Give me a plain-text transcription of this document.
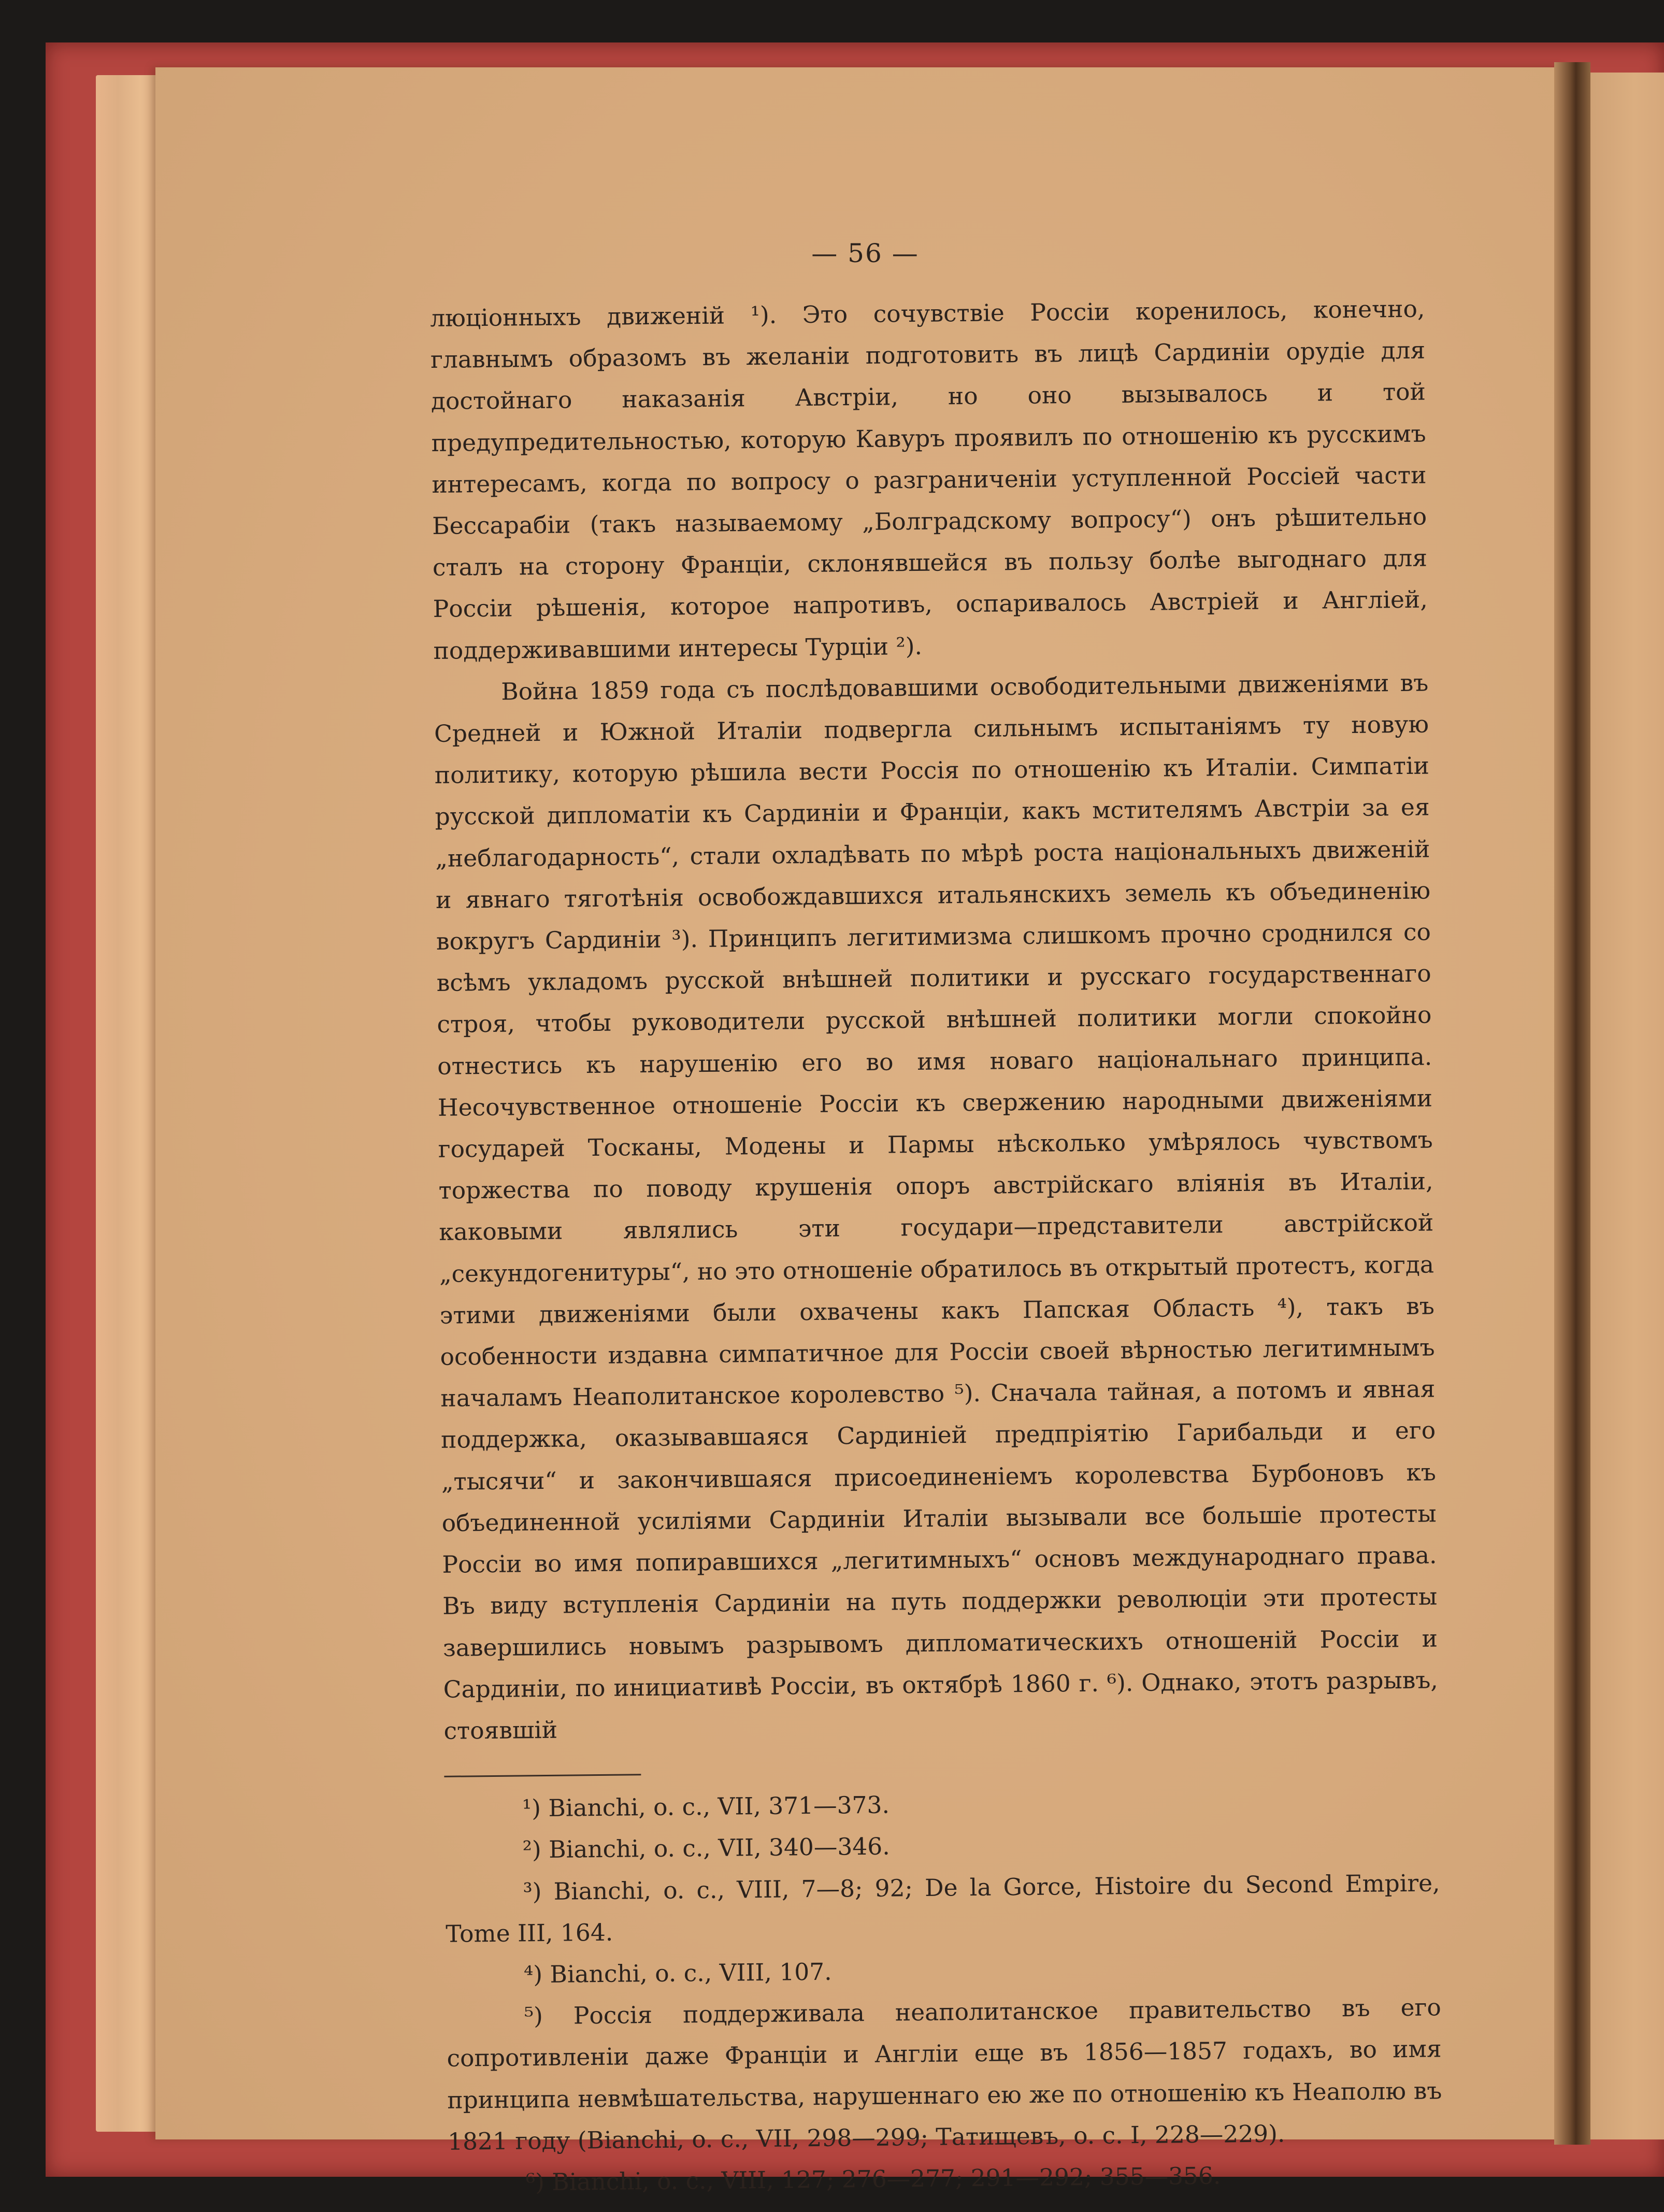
— 56 —

люціонныхъ движеній ¹). Это сочувствіе Россіи коренилось, конечно, главнымъ образомъ въ желаніи подготовить въ лицѣ Сардиніи орудіе для достойнаго наказанія Австріи, но оно вызывалось и той предупредительностью, которую Кавуръ проявилъ по отношенію къ русскимъ интересамъ, когда по вопросу о разграниченіи уступленной Россіей части Бессарабіи (такъ называемому „Болградскому вопросу“) онъ рѣшительно сталъ на сторону Франціи, склонявшейся въ пользу болѣе выгоднаго для Россіи рѣшенія, которое напротивъ, оспаривалось Австріей и Англіей, поддерживавшими интересы Турціи ²).

Война 1859 года съ послѣдовавшими освободительными движеніями въ Средней и Южной Италіи подвергла сильнымъ испытаніямъ ту новую политику, которую рѣшила вести Россія по отношенію къ Италіи. Симпатіи русской дипломатіи къ Сардиніи и Франціи, какъ мстителямъ Австріи за ея „неблагодарность“, стали охладѣвать по мѣрѣ роста національныхъ движеній и явнаго тяготѣнія освобождавшихся итальянскихъ земель къ объединенію вокругъ Сардиніи ³). Принципъ легитимизма слишкомъ прочно сроднился со всѣмъ укладомъ русской внѣшней политики и русскаго государственнаго строя, чтобы руководители русской внѣшней политики могли спокойно отнестись къ нарушенію его во имя новаго національнаго принципа. Несочувственное отношеніе Россіи къ свержению народными движеніями государей Тосканы, Модены и Пармы нѣсколько умѣрялось чувствомъ торжества по поводу крушенія опоръ австрійскаго вліянія въ Италіи, каковыми являлись эти государи—представители австрійской „секундогенитуры“, но это отношеніе обратилось въ открытый протестъ, когда этими движеніями были охвачены какъ Папская Область ⁴), такъ въ особенности издавна симпатичное для Россіи своей вѣрностью легитимнымъ началамъ Неаполитанское королевство ⁵). Сначала тайная, а потомъ и явная поддержка, оказывавшаяся Сардиніей предпріятію Гарибальди и его „тысячи“ и закончившаяся присоединеніемъ королевства Бурбоновъ къ объединенной усиліями Сардиніи Италіи вызывали все большіе протесты Россіи во имя попиравшихся „легитимныхъ“ основъ международнаго права. Въ виду вступленія Сардиніи на путь поддержки революціи эти протесты завершились новымъ разрывомъ дипломатическихъ отношеній Россіи и Сардиніи, по инициативѣ Россіи, въ октябрѣ 1860 г. ⁶). Однако, этотъ разрывъ, стоявшій

¹) Bianchi, o. c., VII, 371—373.

²) Bianchi, o. c., VII, 340—346.

³) Bianchi, o. c., VIII, 7—8; 92; De la Gorce, Histoire du Second Empire, Tome III, 164.

⁴) Bianchi, o. c., VIII, 107.

⁵) Россія поддерживала неаполитанское правительство въ его сопротивленіи даже Франціи и Англіи еще въ 1856—1857 годахъ, во имя принципа невмѣшательства, нарушеннаго ею же по отношенію къ Неаполю въ 1821 году (Bianchi, o. c., VII, 298—299; Татищевъ, o. c. I, 228—229).

⁶) Bianchi, o. c., VIII, 127; 276—277; 291—292; 355—356.
